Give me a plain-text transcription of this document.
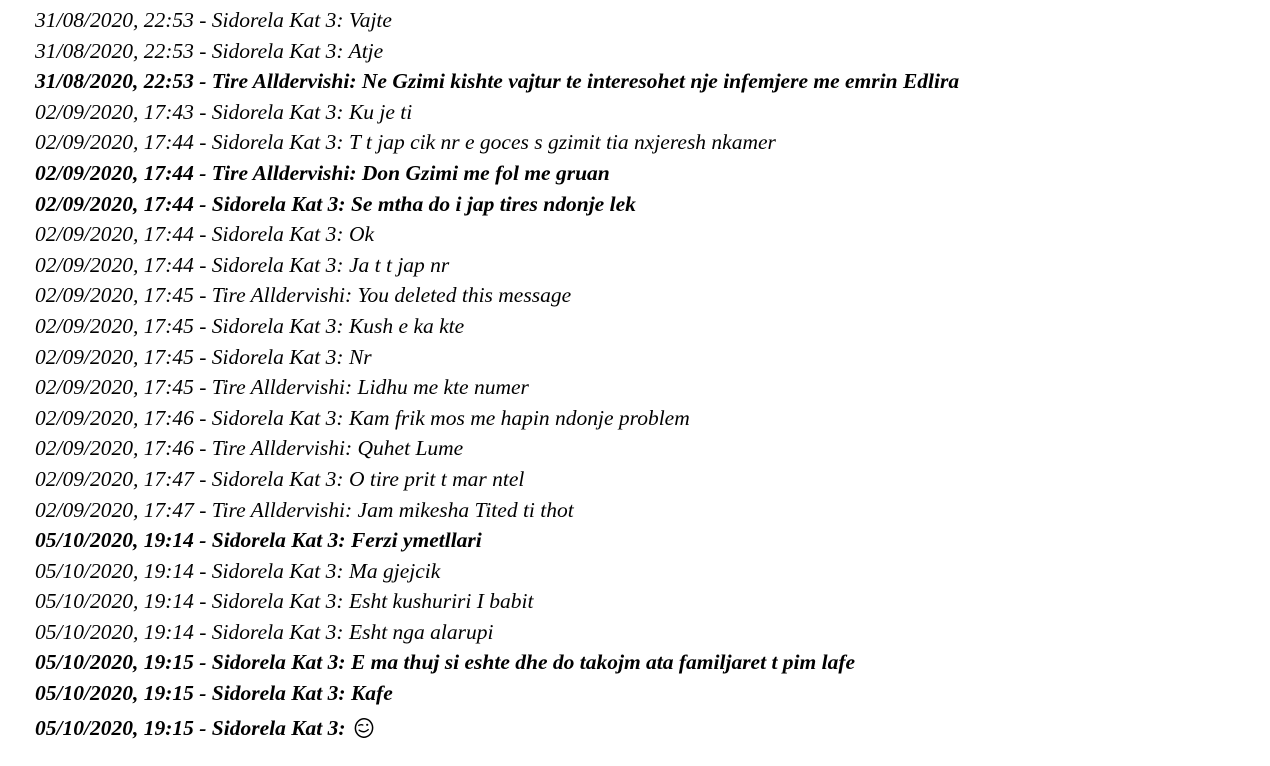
31/08/2020, 22:53 - Sidorela Kat 3: Vajte
31/08/2020, 22:53 - Sidorela Kat 3: Atje
31/08/2020, 22:53 - Tire Alldervishi: Ne Gzimi kishte vajtur te interesohet nje infemjere me emrin Edlira
02/09/2020, 17:43 - Sidorela Kat 3: Ku je ti
02/09/2020, 17:44 - Sidorela Kat 3: T t jap cik nr e goces s gzimit tia nxjeresh nkamer
02/09/2020, 17:44 - Tire Alldervishi: Don Gzimi me fol me gruan
02/09/2020, 17:44 - Sidorela Kat 3: Se mtha do i jap tires ndonje lek
02/09/2020, 17:44 - Sidorela Kat 3: Ok
02/09/2020, 17:44 - Sidorela Kat 3: Ja t t jap nr
02/09/2020, 17:45 - Tire Alldervishi: You deleted this message
02/09/2020, 17:45 - Sidorela Kat 3: Kush e ka kte
02/09/2020, 17:45 - Sidorela Kat 3: Nr
02/09/2020, 17:45 - Tire Alldervishi: Lidhu me kte numer
02/09/2020, 17:46 - Sidorela Kat 3: Kam frik mos me hapin ndonje problem
02/09/2020, 17:46 - Tire Alldervishi: Quhet Lume
02/09/2020, 17:47 - Sidorela Kat 3: O tire prit t mar ntel
02/09/2020, 17:47 - Tire Alldervishi: Jam mikesha Tited ti thot
05/10/2020, 19:14 - Sidorela Kat 3: Ferzi ymetllari
05/10/2020, 19:14 - Sidorela Kat 3: Ma gjejcik
05/10/2020, 19:14 - Sidorela Kat 3: Esht kushuriri I babit
05/10/2020, 19:14 - Sidorela Kat 3: Esht nga alarupi
05/10/2020, 19:15 - Sidorela Kat 3: E ma thuj si eshte dhe do takojm ata familjaret t pim lafe
05/10/2020, 19:15 - Sidorela Kat 3: Kafe
05/10/2020, 19:15 - Sidorela Kat 3:
